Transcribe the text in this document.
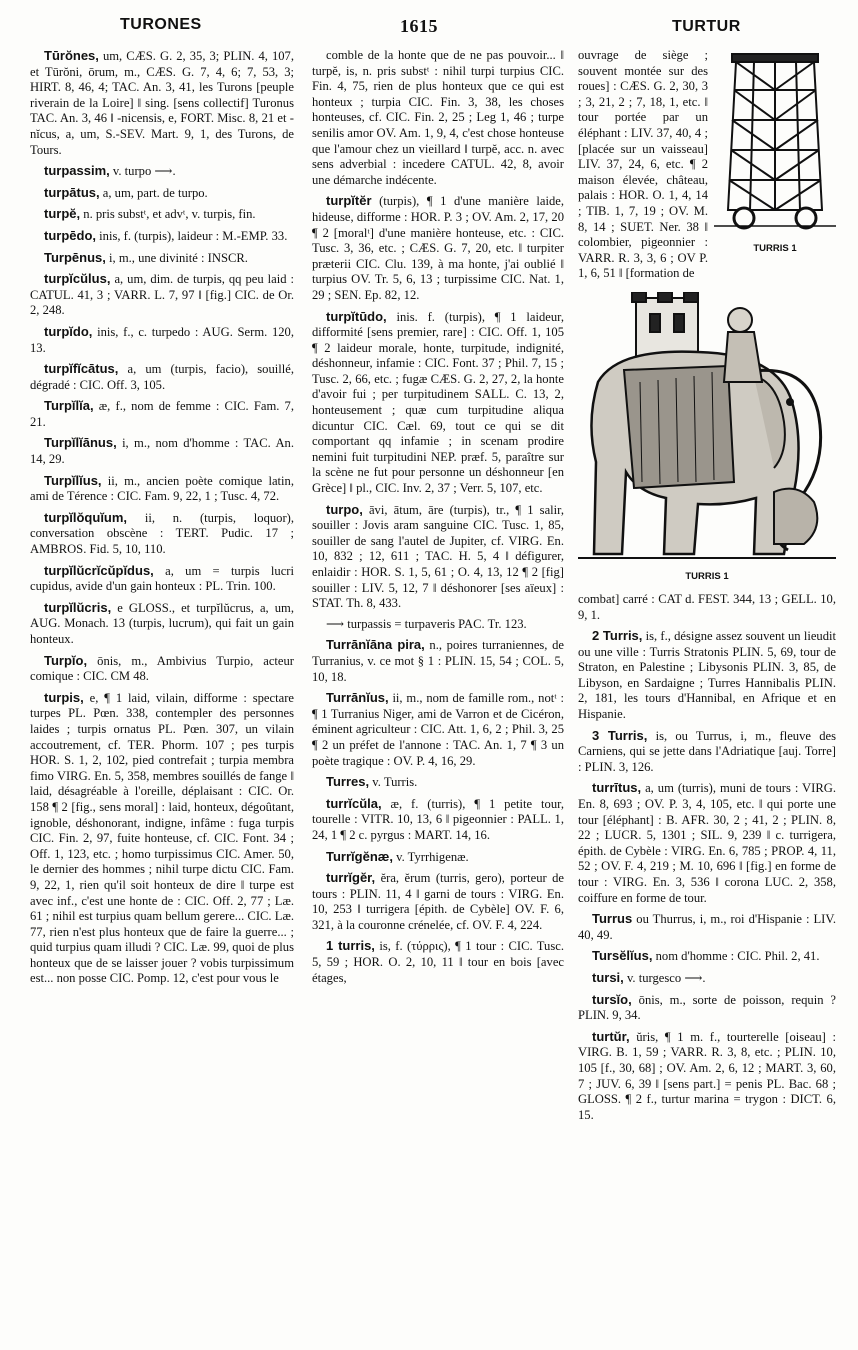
TURONES	1615	TURTUR

Tūrŏnes, um, CÆS. G. 2, 35, 3; PLIN. 4, 107, et Tūrŏni, ōrum, m., CÆS. G. 7, 4, 6; 7, 53, 3; HIRT. 8, 46, 4; TAC. An. 3, 41, les Turons [peuple riverain de la Loire] ‖ sing. [sens collectif] Turonus TAC. An. 3, 46 ‖ -nicensis, e, FORT. Misc. 8, 21 et -nĭcus, a, um, S.-SEV. Mart. 9, 1, des Turons, de Tours.

turpassim, v. turpo ⟶.

turpātus, a, um, part. de turpo.

turpĕ, n. pris substᵗ, et advᵗ, v. turpis, fin.

turpēdo, inis, f. (turpis), laideur : M.-EMP. 33.

Turpēnus, i, m., une divinité : INSCR.

turpĭcŭlus, a, um, dim. de turpis, qq peu laid : CATUL. 41, 3 ; VARR. L. 7, 97 ‖ [fig.] CIC. de Or. 2, 248.

turpĭdo, inis, f., c. turpedo : AUG. Serm. 120, 13.

turpĭfĭcātus, a, um (turpis, facio), souillé, dégradé : CIC. Off. 3, 105.

Turpĭlĭa, æ, f., nom de femme : CIC. Fam. 7, 21.

Turpĭlĭānus, i, m., nom d'homme : TAC. An. 14, 29.

Turpĭlĭus, ii, m., ancien poète comique latin, ami de Térence : CIC. Fam. 9, 22, 1 ; Tusc. 4, 72.

turpĭlŏquĭum, ii, n. (turpis, loquor), conversation obscène : TERT. Pudic. 17 ; AMBROS. Fid. 5, 10, 110.

turpĭlŭcrĭcŭpĭdus, a, um = turpis lucri cupidus, avide d'un gain honteux : PL. Trin. 100.

turpĭlŭcris, e GLOSS., et turpĭlŭcrus, a, um, AUG. Monach. 13 (turpis, lucrum), qui fait un gain honteux.

Turpĭo, ōnis, m., Ambivius Turpio, acteur comique : CIC. CM 48.

turpis, e, ¶ 1 laid, vilain, difforme : spectare turpes PL. Pœn. 338, contempler des personnes laides ; turpis ornatus PL. Pœn. 307, un vilain accoutrement, cf. TER. Phorm. 107 ; pes turpis HOR. S. 1, 2, 102, pied contrefait ; turpia membra fimo VIRG. En. 5, 358, membres souillés de fange ‖ laid, désagréable à l'oreille, déplaisant : CIC. Or. 158 ¶ 2 [fig., sens moral] : laid, honteux, dégoûtant, ignoble, déshonorant, indigne, infâme : fuga turpis CIC. Fin. 2, 97, fuite honteuse, cf. CIC. Font. 34 ; Off. 1, 123, etc. ; homo turpissimus CIC. Amer. 50, le dernier des hommes ; nihil turpe dictu CIC. Fam. 9, 22, 1, rien qu'il soit honteux de dire ‖ turpe est avec inf., c'est une honte de : CIC. Off. 2, 77 ; Læ. 61 ; nihil est turpius quam bellum gerere... CIC. Læ. 77, rien n'est plus honteux que de faire la guerre... ; quid turpius quam illudi ? CIC. Læ. 99, quoi de plus honteux que de se laisser jouer ? vobis turpissimum est... non posse CIC. Pomp. 12, c'est pour vous le

comble de la honte que de ne pas pouvoir... ‖ turpĕ, is, n. pris substᵗ : nihil turpi turpius CIC. Fin. 4, 75, rien de plus honteux que ce qui est honteux ; turpia CIC. Fin. 3, 38, les choses honteuses, cf. CIC. Fin. 2, 25 ; Leg 1, 46 ; turpe senilis amor OV. Am. 1, 9, 4, c'est chose honteuse que l'amour chez un vieillard ‖ turpĕ, acc. n. avec sens adverbial : incedere CATUL. 42, 8, avoir une démarche indécente.

turpĭtĕr (turpis), ¶ 1 d'une manière laide, hideuse, difforme : HOR. P. 3 ; OV. Am. 2, 17, 20 ¶ 2 [moralᵗ] d'une manière honteuse, etc. : CIC. Tusc. 3, 36, etc. ; CÆS. G. 7, 20, etc. ‖ turpiter præterii CIC. Clu. 139, à ma honte, j'ai oublié ‖ turpius OV. Tr. 5, 6, 13 ; turpissime CIC. Nat. 1, 29 ; SEN. Ep. 82, 12.

turpĭtūdo, inis. f. (turpis), ¶ 1 laideur, difformité [sens premier, rare] : CIC. Off. 1, 105 ¶ 2 laideur morale, honte, turpitude, indignité, déshonneur, infamie : CIC. Font. 37 ; Phil. 7, 15 ; Tusc. 2, 66, etc. ; fugæ CÆS. G. 2, 27, 2, la honte d'avoir fui ; per turpitudinem SALL. C. 13, 2, honteusement ; quæ cum turpitudine aliqua dicuntur CIC. Cæl. 69, tout ce qui se dit comportant qq infamie ; in scenam prodire nemini fuit turpitudini NEP. præf. 5, paraître sur la scène ne fut pour personne un déshonneur [en Grèce] ‖ pl., CIC. Inv. 2, 37 ; Verr. 5, 107, etc.

turpo, āvi, ātum, āre (turpis), tr., ¶ 1 salir, souiller : Jovis aram sanguine CIC. Tusc. 1, 85, souiller de sang l'autel de Jupiter, cf. VIRG. En. 10, 832 ; 12, 611 ; TAC. H. 5, 4 ‖ défigurer, enlaidir : HOR. S. 1, 5, 61 ; O. 4, 13, 12 ¶ 2 [fig] souiller : LIV. 5, 12, 7 ‖ déshonorer [ses aïeux] : STAT. Th. 8, 433.

⟶ turpassis = turpaveris PAC. Tr. 123.

Turrānĭāna pira, n., poires turraniennes, de Turranius, v. ce mot § 1 : PLIN. 15, 54 ; COL. 5, 10, 18.

Turrānĭus, ii, m., nom de famille rom., notᵗ : ¶ 1 Turranius Niger, ami de Varron et de Cicéron, éminent agriculteur : CIC. Att. 1, 6, 2 ; Phil. 3, 25 ¶ 2 un préfet de l'annone : TAC. An. 1, 7 ¶ 3 un poète tragique : OV. P. 4, 16, 29.

Turres, v. Turris.

turrĭcŭla, æ, f. (turris), ¶ 1 petite tour, tourelle : VITR. 10, 13, 6 ‖ pigeonnier : PALL. 1, 24, 1 ¶ 2 c. pyrgus : MART. 14, 16.

Turrĭgĕnæ, v. Tyrrhigenæ.

turrĭgĕr, ĕra, ĕrum (turris, gero), porteur de tours : PLIN. 11, 4 ‖ garni de tours : VIRG. En. 10, 253 ‖ turrigera [épith. de Cybèle] OV. F. 6, 321, à la couronne crénelée, cf. OV. F. 4, 224.

1 turris, is, f. (τύρρις), ¶ 1 tour : CIC. Tusc. 5, 59 ; HOR. O. 2, 10, 11 ‖ tour en bois [avec étages,

TURRIS 1
ouvrage de siège ; souvent montée sur des roues] : CÆS. G. 2, 30, 3 ; 3, 21, 2 ; 7, 18, 1, etc. ‖ tour portée par un éléphant : LIV. 37, 40, 4 ; [placée sur un vaisseau] LIV. 37, 24, 6, etc. ¶ 2 maison élevée, château, palais : HOR. O. 1, 4, 14 ; TIB. 1, 7, 19 ; OV. M. 8, 14 ; SUET. Ner. 38 ‖ colombier, pigeonnier : VARR. R. 3, 3, 6 ; OV P. 1, 6, 51 ‖ [formation de
TURRIS 1
combat] carré : CAT d. FEST. 344, 13 ; GELL. 10, 9, 1.

2 Turris, is, f., désigne assez souvent un lieudit ou une ville : Turris Stratonis PLIN. 5, 69, tour de Straton, en Palestine ; Libysonis PLIN. 3, 85, de Libyson, en Sardaigne ; Turres Hannibalis PLIN. 2, 181, les tours d'Hannibal, en Afrique et en Hispanie.

3 Turris, is, ou Turrus, i, m., fleuve des Carniens, qui se jette dans l'Adriatique [auj. Torre] : PLIN. 3, 126.

turrītus, a, um (turris), muni de tours : VIRG. En. 8, 693 ; OV. P. 3, 4, 105, etc. ‖ qui porte une tour [éléphant] : B. AFR. 30, 2 ; 41, 2 ; PLIN. 8, 22 ; LUCR. 5, 1301 ; SIL. 9, 239 ‖ c. turrigera, épith. de Cybèle : VIRG. En. 6, 785 ; PROP. 4, 11, 52 ; OV. F. 4, 219 ; M. 10, 696 ‖ [fig.] en forme de tour : VIRG. En. 3, 536 ‖ corona LUC. 2, 358, coiffure en forme de tour.

Turrus ou Thurrus, i, m., roi d'Hispanie : LIV. 40, 49.

Tursĕlĭus, nom d'homme : CIC. Phil. 2, 41.

tursi, v. turgesco ⟶.

tursĭo, ōnis, m., sorte de poisson, requin ? PLIN. 9, 34.

turtŭr, ŭris, ¶ 1 m. f., tourterelle [oiseau] : VIRG. B. 1, 59 ; VARR. R. 3, 8, etc. ; PLIN. 10, 105 [f., 30, 68] ; OV. Am. 2, 6, 12 ; MART. 3, 60, 7 ; JUV. 6, 39 ‖ [sens part.] = penis PL. Bac. 68 ; GLOSS. ¶ 2 f., turtur marina = trygon : DICT. 6, 15.
